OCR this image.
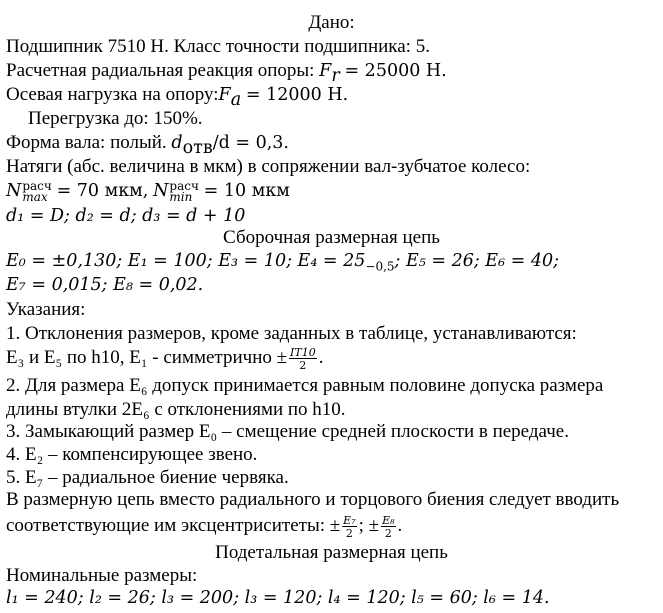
Дано:
Подшипник 7510 Н. Класс точности подшипника: 5.
Расчетная радиальная реакция опоры: $F_r = 25000$ Н.
Осевая нагрузка на $опору:F_a = 12000$ Н.
Перегрузка до: 150%.
Форма вала: полый. $d_{отв}/d = 0,3$.
Натяги (абс. величина в мкм) в сопряжении вал-зубчатое колесо:
N расч
max = 70 мкм, N расч
min = 10 мкм
d₁ = D; d₂ = d; d₃ = d + 10
Сборочная размерная цепь
E₀ = ±0,130; E₁ = 100; E₃ = 10; $E_4 = 25_{-0,5}$; E₅ = 26; E₆ = 40;
E₇ = 0,015; E₈ = 0,02.
Указания:
1. Отклонения размеров, кроме заданных в таблице, устанавливаются:
E₃ и E₅ по h10, E₁ - симметрично ± $\frac{IT10}{2}$ .
2. Для размера E₆ допуск принимается равным половине допуска размера
длины втулки 2E₆ с отклонениями по h10.
3. Замыкающий размер E₀ – смещение средней плоскости в передаче.
4. E₂ – компенсирующее звено.
5. E₇ – радиальное биение червяка.
В размерную цепь вместо радиального и торцового биения следует вводить
соответствующие им эксцентриситеты: ± $\frac{\text{E₇}}{2}$ ; ± $\frac{\text{E₈}}{2}$ .
Подетальная размерная цепь
Номинальные размеры:
l₁ = 240; l₂ = 26; l₃ = 200; l₃ = 120; l₄ = 120; l₅ = 60; l₆ = 14.
